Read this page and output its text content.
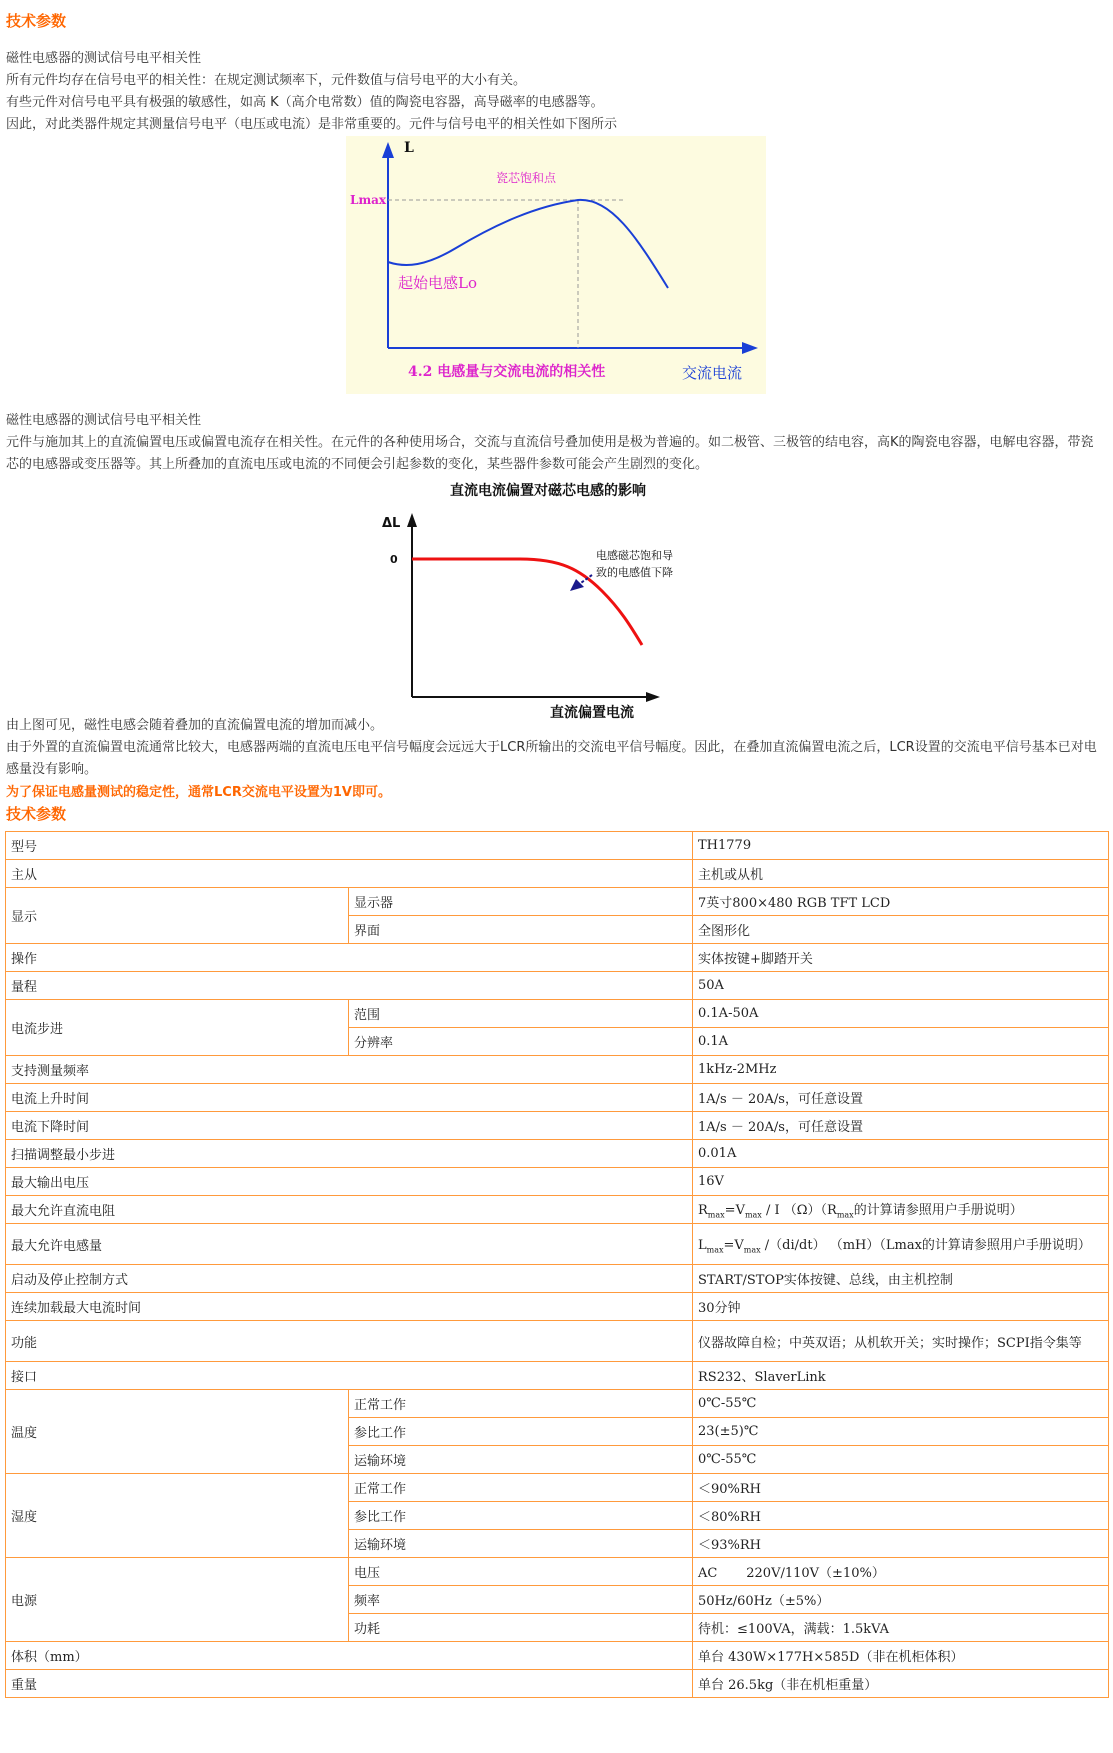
技术参数
磁性电感器的测试信号电平相关性
所有元件均存在信号电平的相关性：在规定测试频率下，元件数值与信号电平的大小有关。
有些元件对信号电平具有极强的敏感性，如高 K（高介电常数）值的陶瓷电容器，高导磁率的电感器等。
因此，对此类器件规定其测量信号电平（电压或电流）是非常重要的。元件与信号电平的相关性如下图所示
L
Lmax
瓷芯饱和点
起始电感Lo
交流电流
4.2 电感量与交流电流的相关性
磁性电感器的测试信号电平相关性
元件与施加其上的直流偏置电压或偏置电流存在相关性。在元件的各种使用场合，交流与直流信号叠加使用是极为普遍的。如二极管、三极管的结电容，高K的陶瓷电容器，电解电容器，带瓷芯的电感器或变压器等。其上所叠加的直流电压或电流的不同便会引起参数的变化，某些器件参数可能会产生剧烈的变化。
直流电流偏置对磁芯电感的影响
ΔL
0	电感磁芯饱和导
致的电感值下降
直流偏置电流
由上图可见，磁性电感会随着叠加的直流偏置电流的增加而减小。
由于外置的直流偏置电流通常比较大，电感器两端的直流电压电平信号幅度会远远大于LCR所输出的交流电平信号幅度。因此，在叠加直流偏置电流之后，LCR设置的交流电平信号基本已对电感量没有影响。
为了保证电感量测试的稳定性，通常LCR交流电平设置为1V即可。
技术参数
型号		TH1779
主从		主机或从机
显示	显示器	7英寸800×480 RGB TFT LCD
	界面	全图形化
操作		实体按键+脚踏开关
量程		50A
电流步进	范围	0.1A-50A
	分辨率	0.1A
支持测量频率		1kHz-2MHz
电流上升时间		1A/s － 20A/s，可任意设置
电流下降时间		1A/s － 20A/s，可任意设置
扫描调整最小步进		0.01A
最大输出电压		16V
最大允许直流电阻		$R_{max}=V_{max} / I$ $(\Omega)(R_{max}$的计算请参照用户手册说明）
最大允许电感量		$L_{max}=V_{max}$ /（di/dt） （mH）（Lmax的计算请参照用户手册说明）
启动及停止控制方式		START/STOP实体按键、总线，由主机控制
连续加载最大电流时间		30分钟
功能		仪器故障自检；中英双语；从机软开关；实时操作；SCPI指令集等
接口		RS232、SlaverLink
温度	正常工作	0℃-55℃
	参比工作	23(±5)℃
	运输环境	0℃-55℃
湿度	正常工作	＜90%RH
	参比工作	＜80%RH
	运输环境	＜93%RH
电源	电压	AC       220V/110V（±10%）
	频率	50Hz/60Hz（±5%）
	功耗	待机：≤100VA，满载：1.5kVA
体积（mm）		单台 430W×177H×585D（非在机柜体积）
重量		单台 26.5kg（非在机柜重量）
